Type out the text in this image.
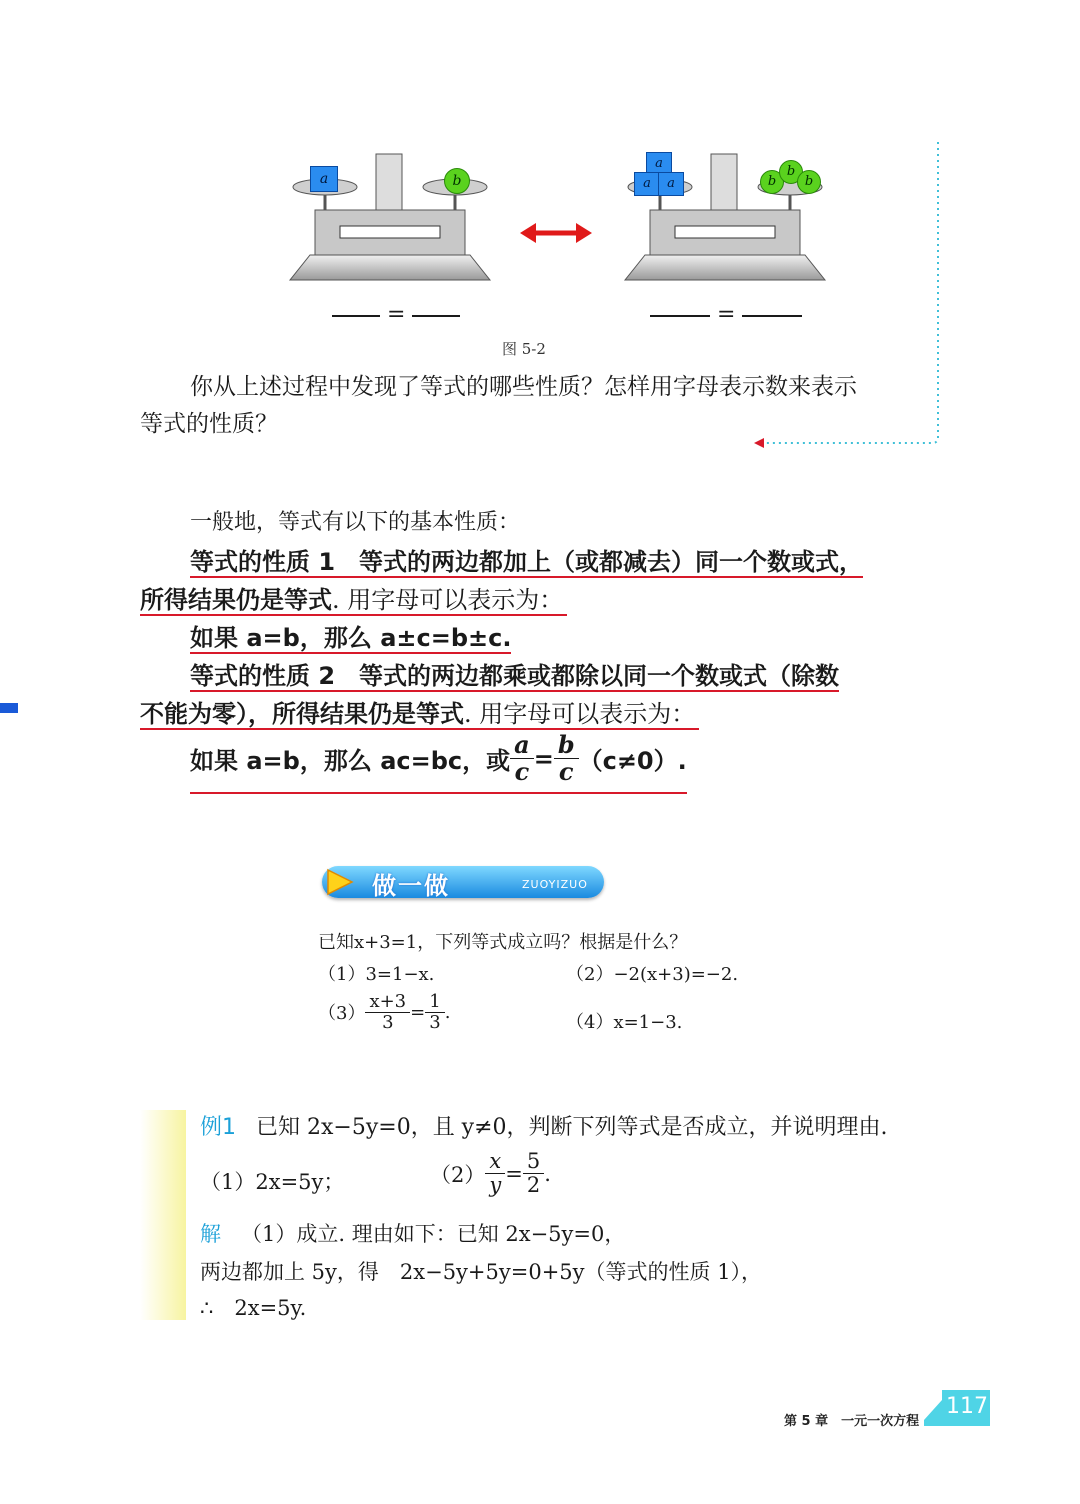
a	b
a
a	a	b
b
b
=	=
图 5-2
你从上述过程中发现了等式的哪些性质？怎样用字母表示数来表示
等式的性质？
一般地，等式有以下的基本性质：
等式的性质 1　等式的两边都加上（或都减去）同一个数或式，
所得结果仍是等式. 用字母可以表示为：
如果 a=b，那么 a±c=b±c.
等式的性质 2　等式的两边都乘或都除以同一个数或式（除数
不能为零），所得结果仍是等式. 用字母可以表示为：
如果 a=b，那么 ac=bc，或 $\frac{a}{c} = \frac{b}{c} (c\ne 0)$.
做一做	ZUOYIZUO
已知x+3=1，下列等式成立吗？根据是什么？
（1）3=1−x.	（2）−2(x+3)=−2.
$(3) \frac{x+3}{3} = \frac{1}{3}$ .	（4）x=1−3.
例1 已知 2x−5y=0，且 y≠0，判断下列等式是否成立，并说明理由.
（1）2x=5y；	$(2) \frac{x}{y} = \frac{5}{2}$ .
解 （1）成立. 理由如下：已知 2x−5y=0，
两边都加上 5y，得　2x−5y+5y=0+5y（等式的性质 1），
∴　2x=5y.
第 5 章　一元一次方程
117
